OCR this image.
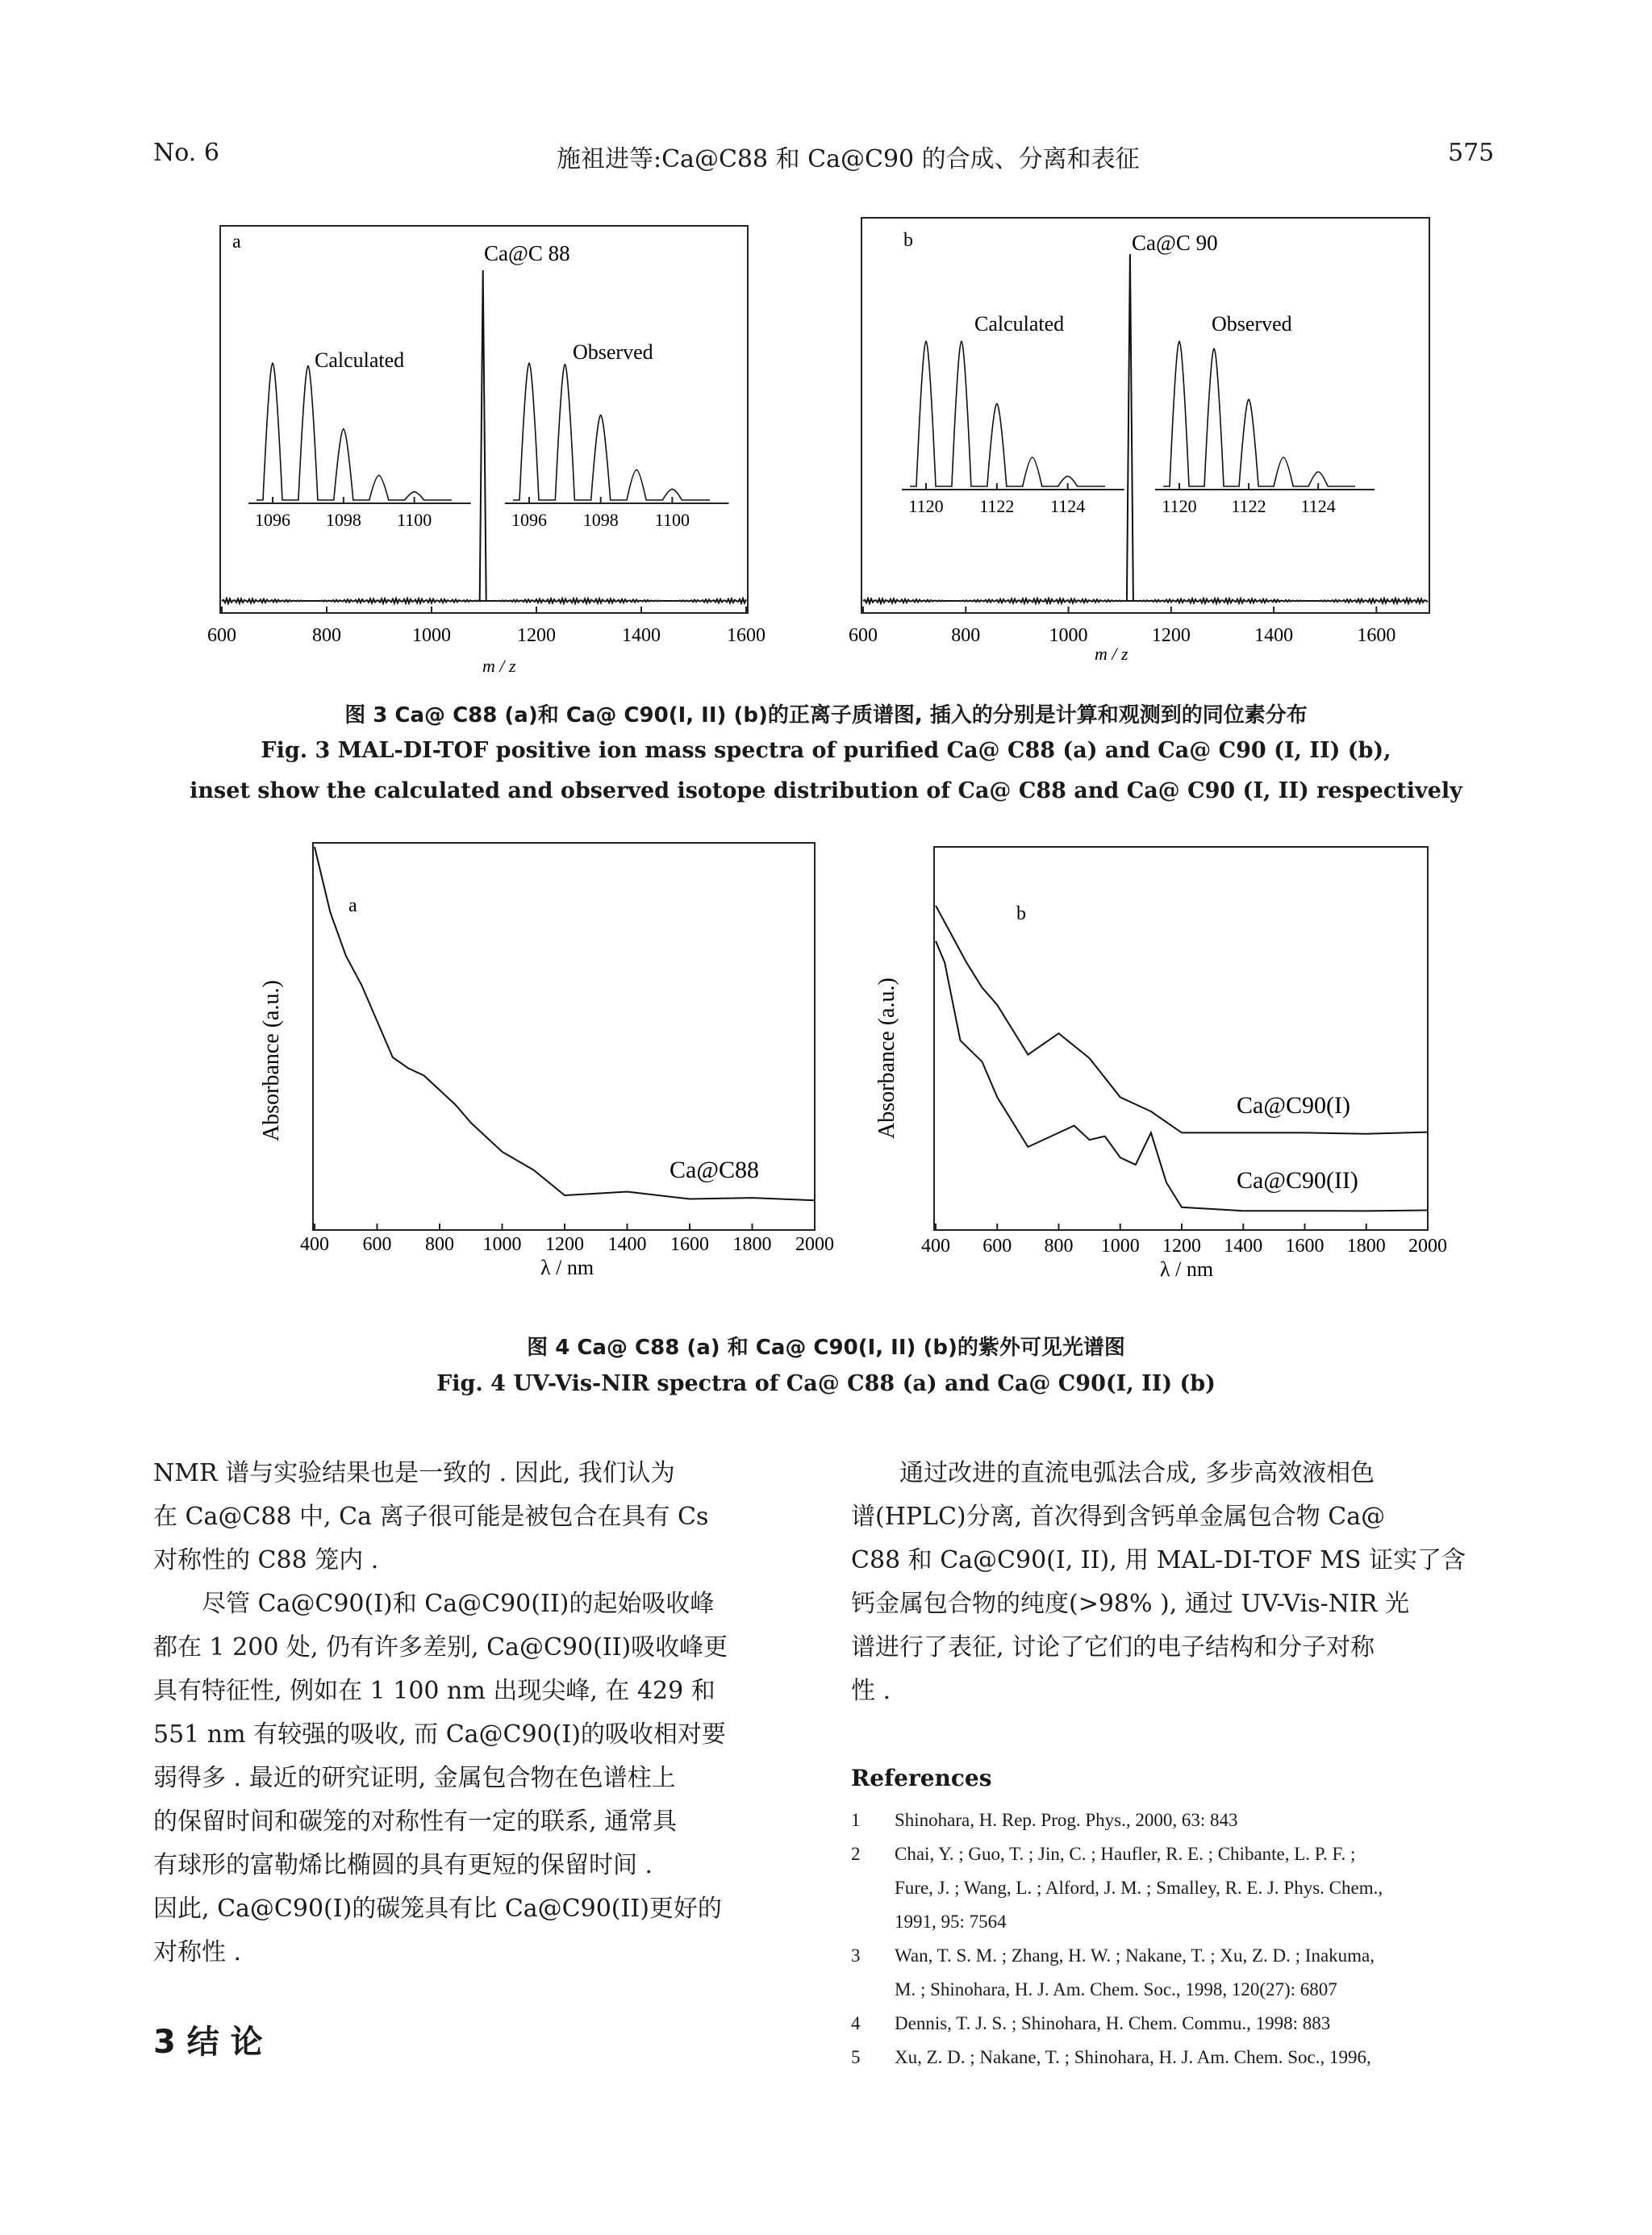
No. 6	施祖进等:Ca@C88 和 Ca@C90 的合成、分离和表征	575
a	Ca@C 88
Calculated	Observed
1096 1098 1100	1096 1098 1100
600	800	1000	1200	1400	1600
m / z
b	Ca@C 90
Calculated	Observed
1120 1122 1124	1120 1122 1124
600	800	1000	1200	1400	1600
m / z
图 3 Ca@ C88 (a)和 Ca@ C90(I, II) (b)的正离子质谱图, 插入的分别是计算和观测到的同位素分布
Fig. 3 MAL-DI-TOF positive ion mass spectra of purified Ca@ C88 (a) and Ca@ C90 (I, II) (b),
inset show the calculated and observed isotope distribution of Ca@ C88 and Ca@ C90 (I, II) respectively
a
Ca@C88
Absorbance (a.u.)
400 600 800 1000 1200 1400 1600 1800 2000
λ / nm
b
Ca@C90(I)
Ca@C90(II)
Absorbance (a.u.)
400 600 800 1000 1200 1400 1600 1800 2000
λ / nm
图 4 Ca@ C88 (a) 和 Ca@ C90(I, II) (b)的紫外可见光谱图
Fig. 4 UV-Vis-NIR spectra of Ca@ C88 (a) and Ca@ C90(I, II) (b)

NMR 谱与实验结果也是一致的 . 因此, 我们认为

在 Ca@C88 中, Ca 离子很可能是被包合在具有 Cs

对称性的 C88 笼内 .

尽管 Ca@C90(I)和 Ca@C90(II)的起始吸收峰

都在 1 200 处, 仍有许多差别, Ca@C90(II)吸收峰更

具有特征性, 例如在 1 100 nm 出现尖峰, 在 429 和

551 nm 有较强的吸收, 而 Ca@C90(I)的吸收相对要

弱得多 . 最近的研究证明, 金属包合物在色谱柱上

的保留时间和碳笼的对称性有一定的联系, 通常具

有球形的富勒烯比椭圆的具有更短的保留时间 .

因此, Ca@C90(I)的碳笼具有比 Ca@C90(II)更好的

对称性 .

3 结 论

通过改进的直流电弧法合成, 多步高效液相色

谱(HPLC)分离, 首次得到含钙单金属包合物 Ca@

C88 和 Ca@C90(I, II), 用 MAL-DI-TOF MS 证实了含

钙金属包合物的纯度(>98% ), 通过 UV-Vis-NIR 光

谱进行了表征, 讨论了它们的电子结构和分子对称

性 .

References
1 Shinohara, H. Rep. Prog. Phys., 2000, 63: 843
2 Chai, Y. ; Guo, T. ; Jin, C. ; Haufler, R. E. ; Chibante, L. P. F. ;
Fure, J. ; Wang, L. ; Alford, J. M. ; Smalley, R. E. J. Phys. Chem.,
1991, 95: 7564
3 Wan, T. S. M. ; Zhang, H. W. ; Nakane, T. ; Xu, Z. D. ; Inakuma,
M. ; Shinohara, H. J. Am. Chem. Soc., 1998, 120(27): 6807
4 Dennis, T. J. S. ; Shinohara, H. Chem. Commu., 1998: 883
5 Xu, Z. D. ; Nakane, T. ; Shinohara, H. J. Am. Chem. Soc., 1996,
